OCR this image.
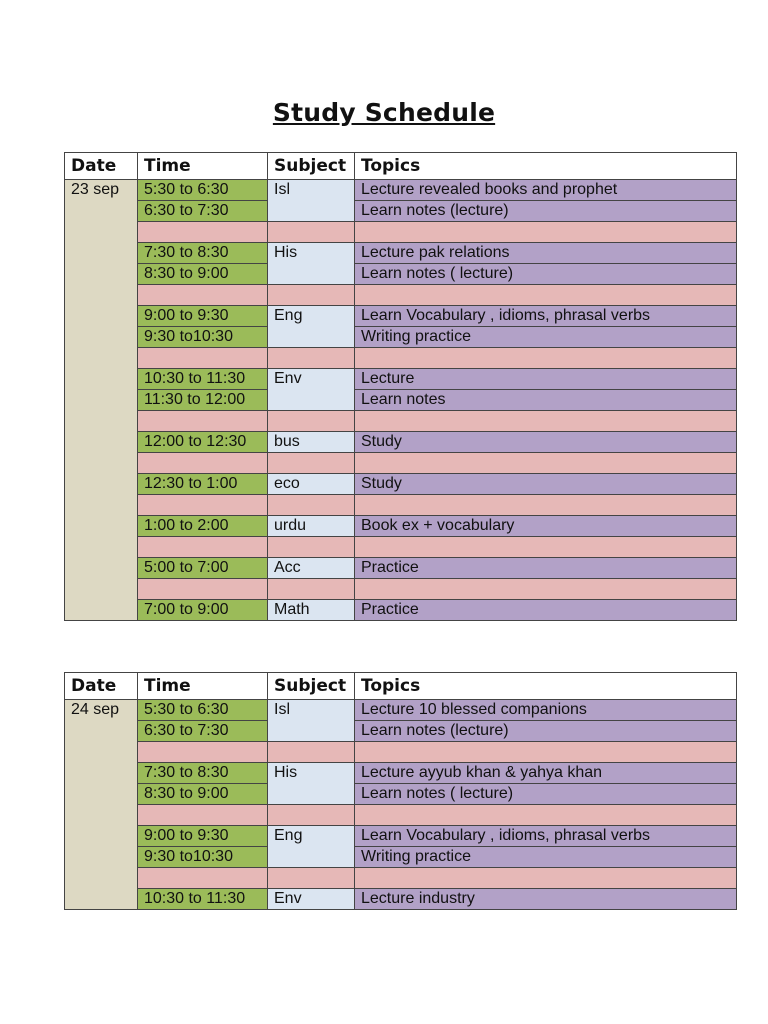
Study Schedule
Date	Time	Subject	Topics
23 sep	5:30 to 6:30	Isl	Lecture revealed books and prophet
	6:30 to 7:30		Learn notes (lecture)

	7:30 to 8:30	His	Lecture pak relations
	8:30 to 9:00		Learn notes ( lecture)

	9:00 to 9:30	Eng	Learn Vocabulary , idioms, phrasal verbs
	9:30 to10:30		Writing practice

	10:30 to 11:30	Env	Lecture
	11:30 to 12:00		Learn notes

	12:00 to 12:30	bus	Study

	12:30 to 1:00	eco	Study

	1:00 to 2:00	urdu	Book ex + vocabulary

	5:00 to 7:00	Acc	Practice

	7:00 to 9:00	Math	Practice
Date	Time	Subject	Topics
24 sep	5:30 to 6:30	Isl	Lecture 10 blessed companions
	6:30 to 7:30		Learn notes (lecture)

	7:30 to 8:30	His	Lecture ayyub khan & yahya khan
	8:30 to 9:00		Learn notes ( lecture)

	9:00 to 9:30	Eng	Learn Vocabulary , idioms, phrasal verbs
	9:30 to10:30		Writing practice

	10:30 to 11:30	Env	Lecture industry
